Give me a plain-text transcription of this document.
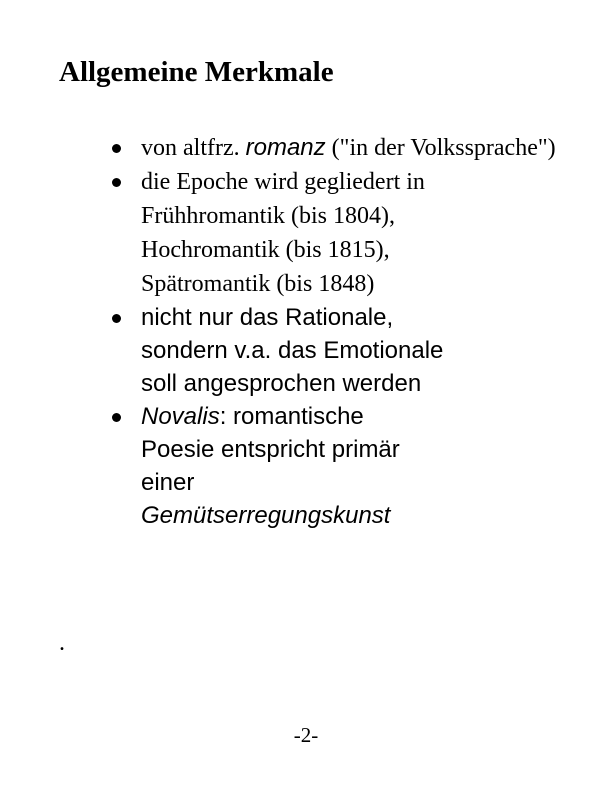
Allgemeine Merkmale
von altfrz. romanz ("in der Volkssprache")
die Epoche wird gegliedert in
Frühhromantik (bis 1804),
Hochromantik (bis 1815),
Spätromantik (bis 1848)
nicht nur das Rationale,
sondern v.a. das Emotionale
soll angesprochen werden
Novalis: romantische
Poesie entspricht primär
einer
Gemütserregungskunst
.
-2-
